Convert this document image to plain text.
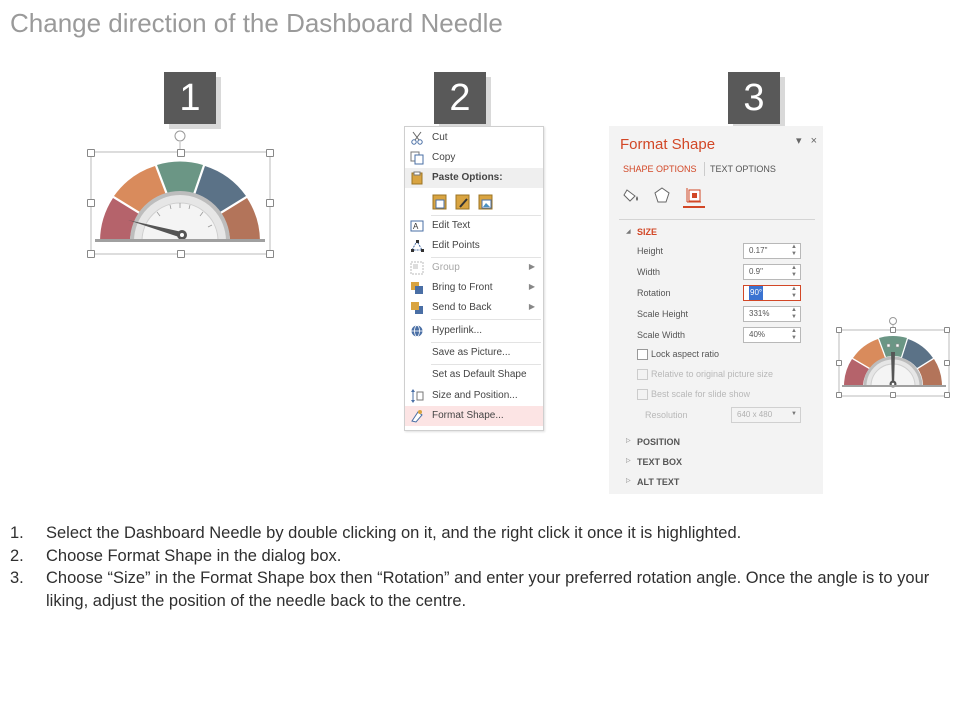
Change direction of the Dashboard Needle
1	2	3
Cut
Copy
Paste Options:
A Edit Text
Edit Points
Group	▶
Bring to Front	▶
Send to Back	▶
Hyperlink...
Save as Picture...
Set as Default Shape
Size and Position...
Format Shape...
Format Shape	▾ ×
SHAPE OPTIONS TEXT OPTIONS
◢ SIZE
Height	0.17"	▲
▼
Width	0.9"	▲
▼
Rotation	90°	▲
▼
Scale Height	331%	▲
▼
Scale Width	40%	▲
▼
Lock aspect ratio
Relative to original picture size
Best scale for slide show
Resolution	640 x 480	▼
▷ POSITION
▷ TEXT BOX
▷ ALT TEXT
1. Select the Dashboard Needle by double clicking on it, and the right click it once it is highlighted.
2. Choose Format Shape in the dialog box.
3. Choose “Size” in the Format Shape box then “Rotation” and enter your preferred rotation angle. Once the angle is to your liking, adjust the position of the needle back to the centre.
